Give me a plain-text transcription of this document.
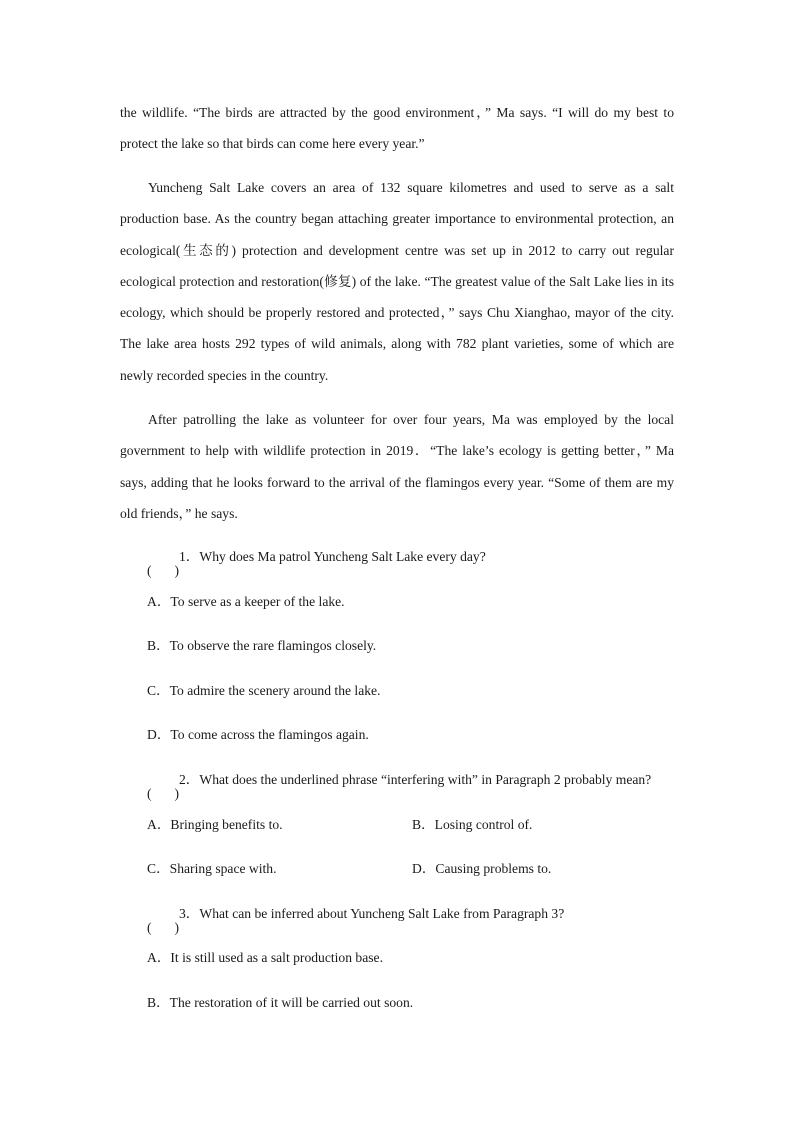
the wildlife. “The birds are attracted by the good environment，” Ma says. “I will do my best to protect the lake so that birds can come here every year.”

Yuncheng Salt Lake covers an area of 132 square kilometres and used to serve as a salt production base. As the country began attaching greater importance to environmental protection, an ecological(生态的) protection and development centre was set up in 2012 to carry out regular ecological protection and restoration(修复) of the lake. “The greatest value of the Salt Lake lies in its ecology, which should be properly restored and protected，” says Chu Xianghao, mayor of the city. The lake area hosts 292 types of wild animals, along with 782 plant varieties, some of which are newly recorded species in the country.

After patrolling the lake as volunteer for over four years, Ma was employed by the local government to help with wildlife protection in 2019．“The lake’s ecology is getting better，” Ma says, adding that he looks forward to the arrival of the flamingos every year. “Some of them are my old friends，” he says.

1．Why does Ma patrol Yuncheng Salt Lake every day?
A．To serve as a keeper of the lake.
B．To observe the rare flamingos closely.
C．To admire the scenery around the lake.
D．To come across the flamingos again.
2．What does the underlined phrase “interfering with” in Paragraph 2 probably mean?
A．Bringing benefits to.	B．Losing control of.
C．Sharing space with.	D．Causing problems to.
3．What can be inferred about Yuncheng Salt Lake from Paragraph 3?
A．It is still used as a salt production base.
B．The restoration of it will be carried out soon.
